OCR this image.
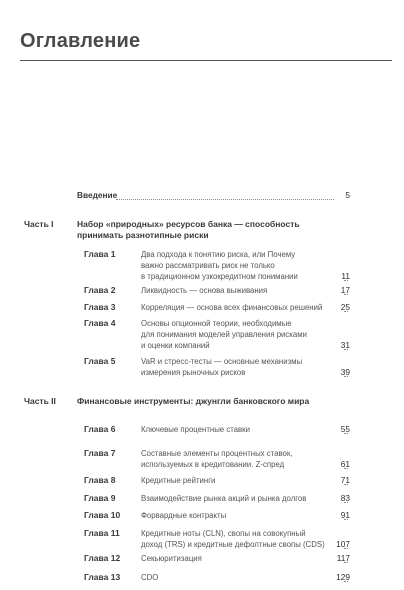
Оглавление
Введение	5
Часть I	Набор «природных» ресурсов банка — способность
принимать разнотипные риски
Глава 1	Два подхода к понятию риска, или Почему
важно рассматривать риск не только
в традиционном узкокредитном понимании	11
Глава 2	Ликвидность — основа выживания	17
Глава 3	Корреляция — основа всех финансовых решений	25
Глава 4	Основы опционной теории, необходимые
для понимания моделей управления рисками
и оценки компаний	31
Глава 5	VaR и стресс-тесты — основные механизмы
измерения рыночных рисков	39
Часть II Финансовые инструменты: джунгли банковского мира
Глава 6	Ключевые процентные ставки	55
Глава 7	Составные элементы процентных ставок,
используемых в кредитовании. Z-спред	61
Глава 8	Кредитные рейтинги	71
Глава 9	Взаимодействие рынка акций и рынка долгов	83
Глава 10	Форвардные контракты	91
Глава 11	Кредитные ноты (CLN), свопы на совокупный
доход (TRS) и кредитные дефолтные свопы (CDS)	107
Глава 12	Секьюритизация	117
Глава 13	CDO	129
